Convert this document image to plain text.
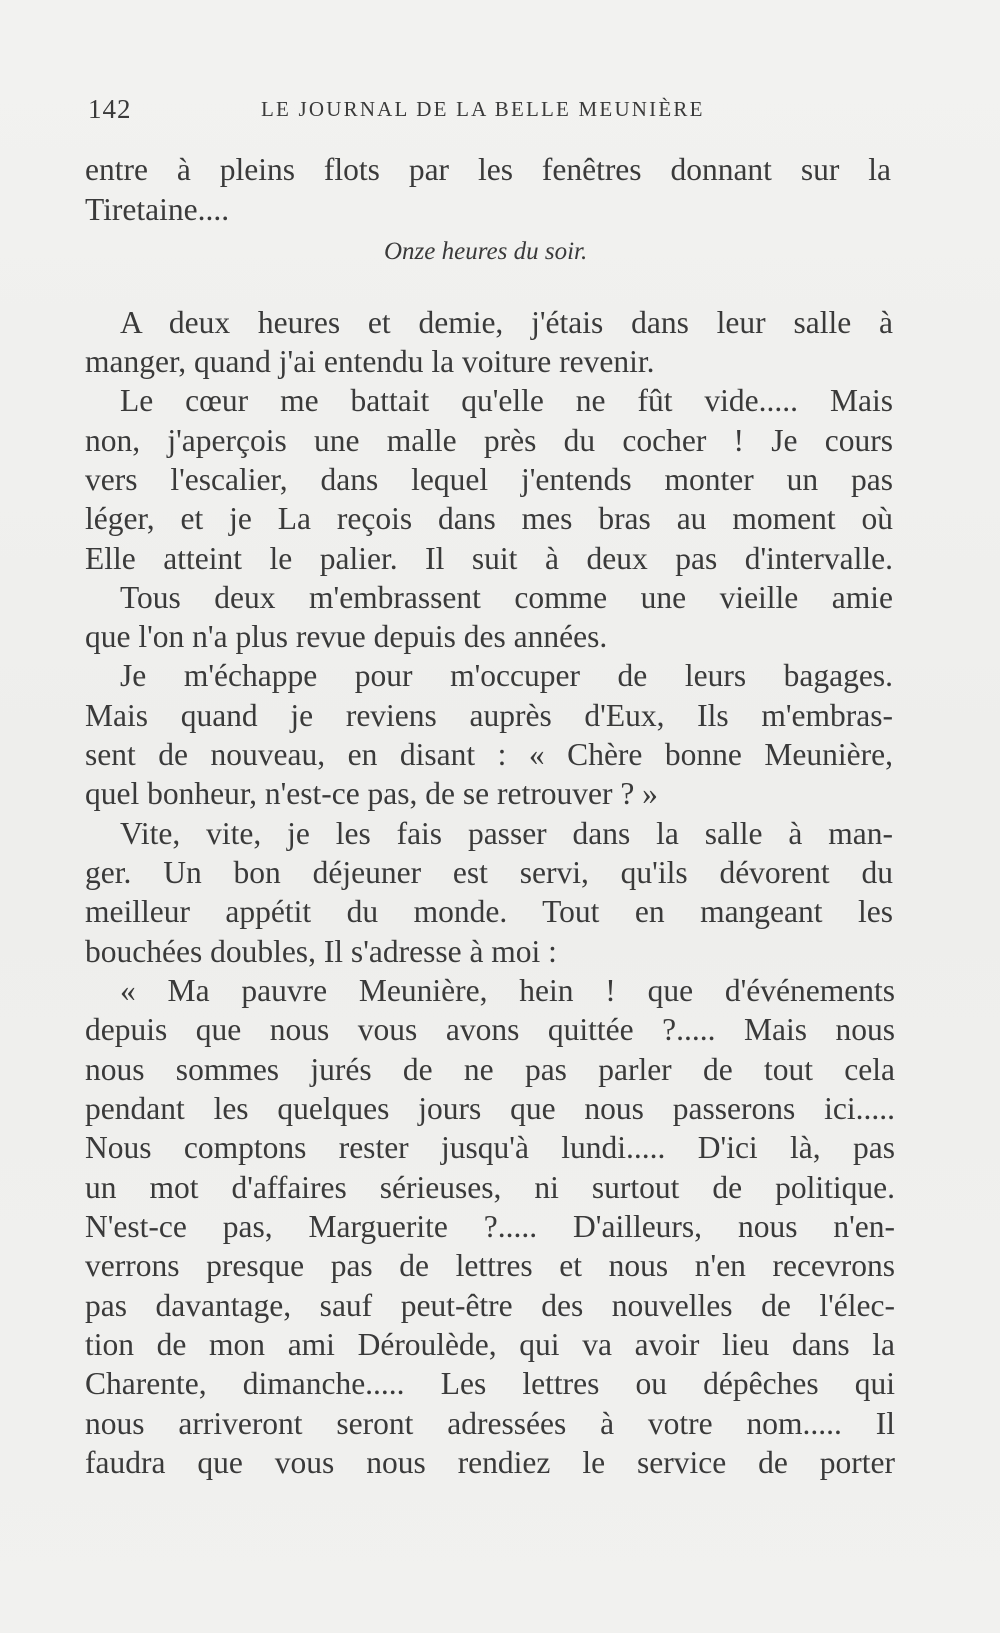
142	LE JOURNAL DE LA BELLE MEUNIÈRE
entre à pleins flots par les fenêtres donnant sur la
Tiretaine....
Onze heures du soir.
A deux heures et demie, j'étais dans leur salle à
manger, quand j'ai entendu la voiture revenir.
Le cœur me battait qu'elle ne fût vide..... Mais
non, j'aperçois une malle près du cocher ! Je cours
vers l'escalier, dans lequel j'entends monter un pas
léger, et je La reçois dans mes bras au moment où
Elle atteint le palier. Il suit à deux pas d'intervalle.
Tous deux m'embrassent comme une vieille amie
que l'on n'a plus revue depuis des années.
Je m'échappe pour m'occuper de leurs bagages.
Mais quand je reviens auprès d'Eux, Ils m'embras-
sent de nouveau, en disant : « Chère bonne Meunière,
quel bonheur, n'est-ce pas, de se retrouver ? »
Vite, vite, je les fais passer dans la salle à man-
ger. Un bon déjeuner est servi, qu'ils dévorent du
meilleur appétit du monde. Tout en mangeant les
bouchées doubles, Il s'adresse à moi :
« Ma pauvre Meunière, hein ! que d'événements
depuis que nous vous avons quittée ?..... Mais nous
nous sommes jurés de ne pas parler de tout cela
pendant les quelques jours que nous passerons ici.....
Nous comptons rester jusqu'à lundi..... D'ici là, pas
un mot d'affaires sérieuses, ni surtout de politique.
N'est-ce pas, Marguerite ?..... D'ailleurs, nous n'en-
verrons presque pas de lettres et nous n'en recevrons
pas davantage, sauf peut-être des nouvelles de l'élec-
tion de mon ami Déroulède, qui va avoir lieu dans la
Charente, dimanche..... Les lettres ou dépêches qui
nous arriveront seront adressées à votre nom..... Il
faudra que vous nous rendiez le service de porter
